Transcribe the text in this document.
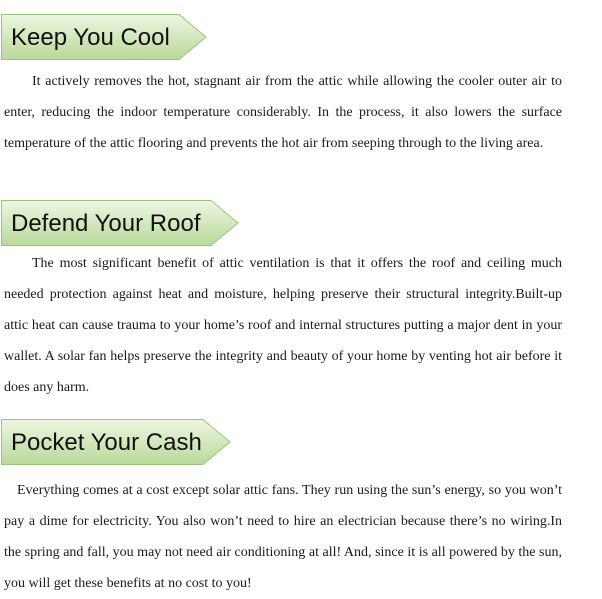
Keep You Cool

It actively removes the hot, stagnant air from the attic while allowing the cooler outer air to enter, reducing the indoor temperature considerably. In the process, it also lowers the surface temperature of the attic flooring and prevents the hot air from seeping through to the living area.

Defend Your Roof

The most significant benefit of attic ventilation is that it offers the roof and ceiling much needed protection against heat and moisture, helping preserve their structural integrity.Built-up attic heat can cause trauma to your home’s roof and internal structures putting a major dent in your wallet. A solar fan helps preserve the integrity and beauty of your home by venting hot air before it does any harm.

Pocket Your Cash

Everything comes at a cost except solar attic fans. They run using the sun’s energy, so you won’t pay a dime for electricity. You also won’t need to hire an electrician because there’s no wiring.In the spring and fall, you may not need air conditioning at all! And, since it is all powered by the sun, you will get these benefits at no cost to you!
